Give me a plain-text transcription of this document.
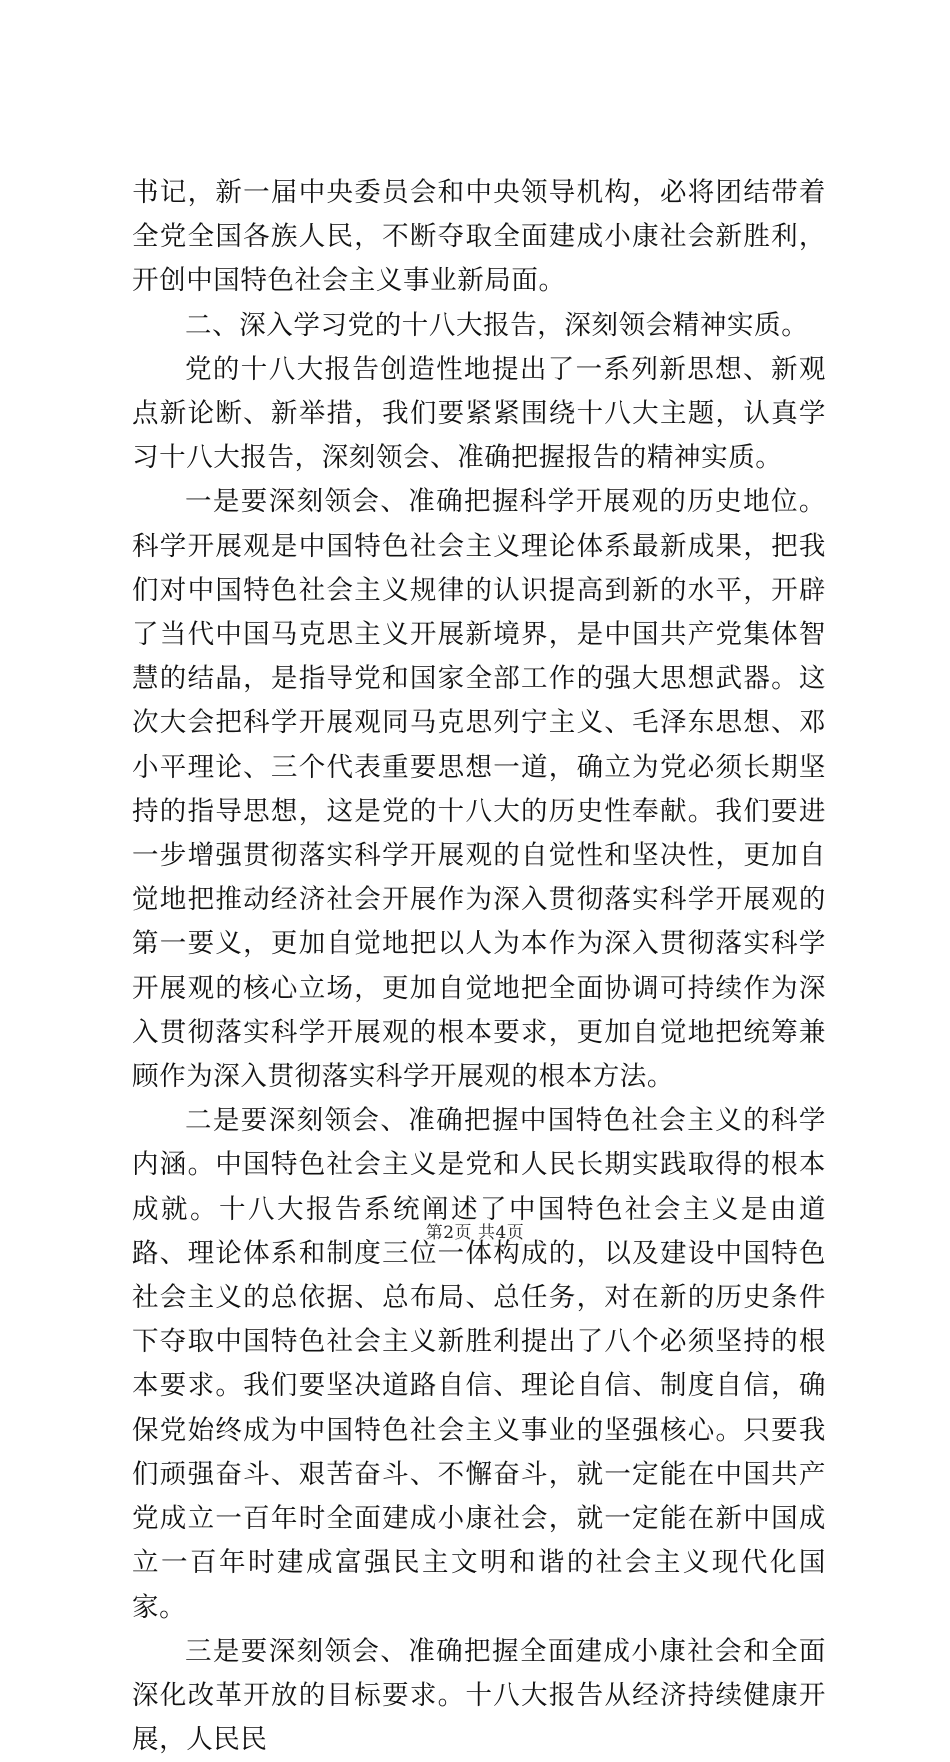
书记，新一届中央委员会和中央领导机构，必将团结带着全党全国各族人民，不断夺取全面建成小康社会新胜利，开创中国特色社会主义事业新局面。

二、深入学习党的十八大报告，深刻领会精神实质。

党的十八大报告创造性地提出了一系列新思想、新观点新论断、新举措，我们要紧紧围绕十八大主题，认真学习十八大报告，深刻领会、准确把握报告的精神实质。

一是要深刻领会、准确把握科学开展观的历史地位。科学开展观是中国特色社会主义理论体系最新成果，把我们对中国特色社会主义规律的认识提高到新的水平，开辟了当代中国马克思主义开展新境界，是中国共产党集体智慧的结晶，是指导党和国家全部工作的强大思想武器。这次大会把科学开展观同马克思列宁主义、毛泽东思想、邓小平理论、三个代表重要思想一道，确立为党必须长期坚持的指导思想，这是党的十八大的历史性奉献。我们要进一步增强贯彻落实科学开展观的自觉性和坚决性，更加自觉地把推动经济社会开展作为深入贯彻落实科学开展观的第一要义，更加自觉地把以人为本作为深入贯彻落实科学开展观的核心立场，更加自觉地把全面协调可持续作为深入贯彻落实科学开展观的根本要求，更加自觉地把统筹兼顾作为深入贯彻落实科学开展观的根本方法。

二是要深刻领会、准确把握中国特色社会主义的科学内涵。中国特色社会主义是党和人民长期实践取得的根本成就。十八大报告系统阐述了中国特色社会主义是由道路、理论体系和制度三位一体构成的，以及建设中国特色社会主义的总依据、总布局、总任务，对在新的历史条件下夺取中国特色社会主义新胜利提出了八个必须坚持的根本要求。我们要坚决道路自信、理论自信、制度自信，确保党始终成为中国特色社会主义事业的坚强核心。只要我们顽强奋斗、艰苦奋斗、不懈奋斗，就一定能在中国共产党成立一百年时全面建成小康社会，就一定能在新中国成立一百年时建成富强民主文明和谐的社会主义现代化国家。

三是要深刻领会、准确把握全面建成小康社会和全面深化改革开放的目标要求。十八大报告从经济持续健康开展，人民民

第2页 共4页
